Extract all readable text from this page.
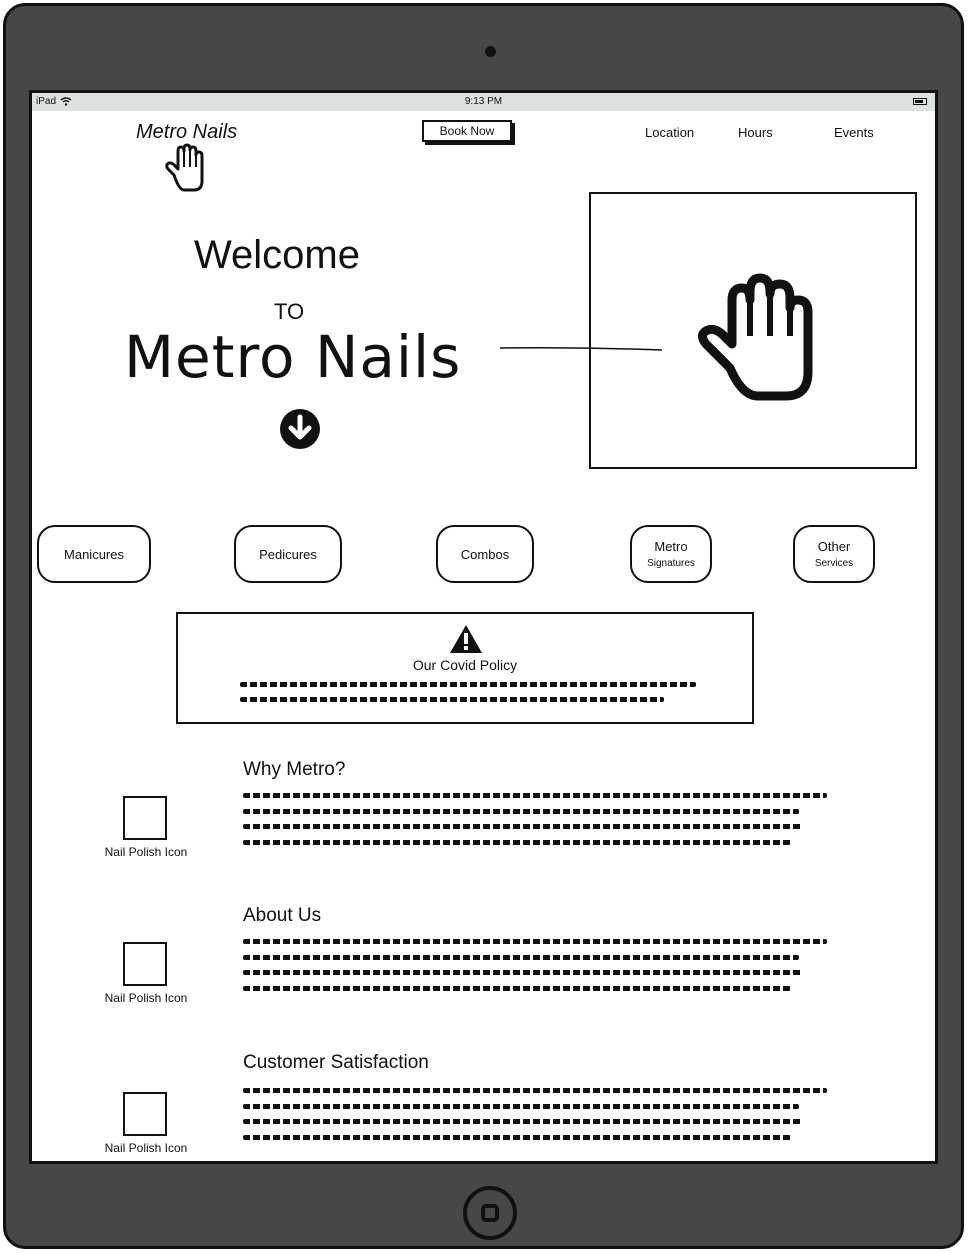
iPad	9:13 PM
Metro Nails	Book Now	Location	Hours	Events
Welcome
TO
Metro Nails
Manicures	Pedicures	Combos	Metro
Signatures
Other
Services
Our Covid Policy
Why Metro?
Nail Polish Icon
About Us
Nail Polish Icon
Customer Satisfaction
Nail Polish Icon
